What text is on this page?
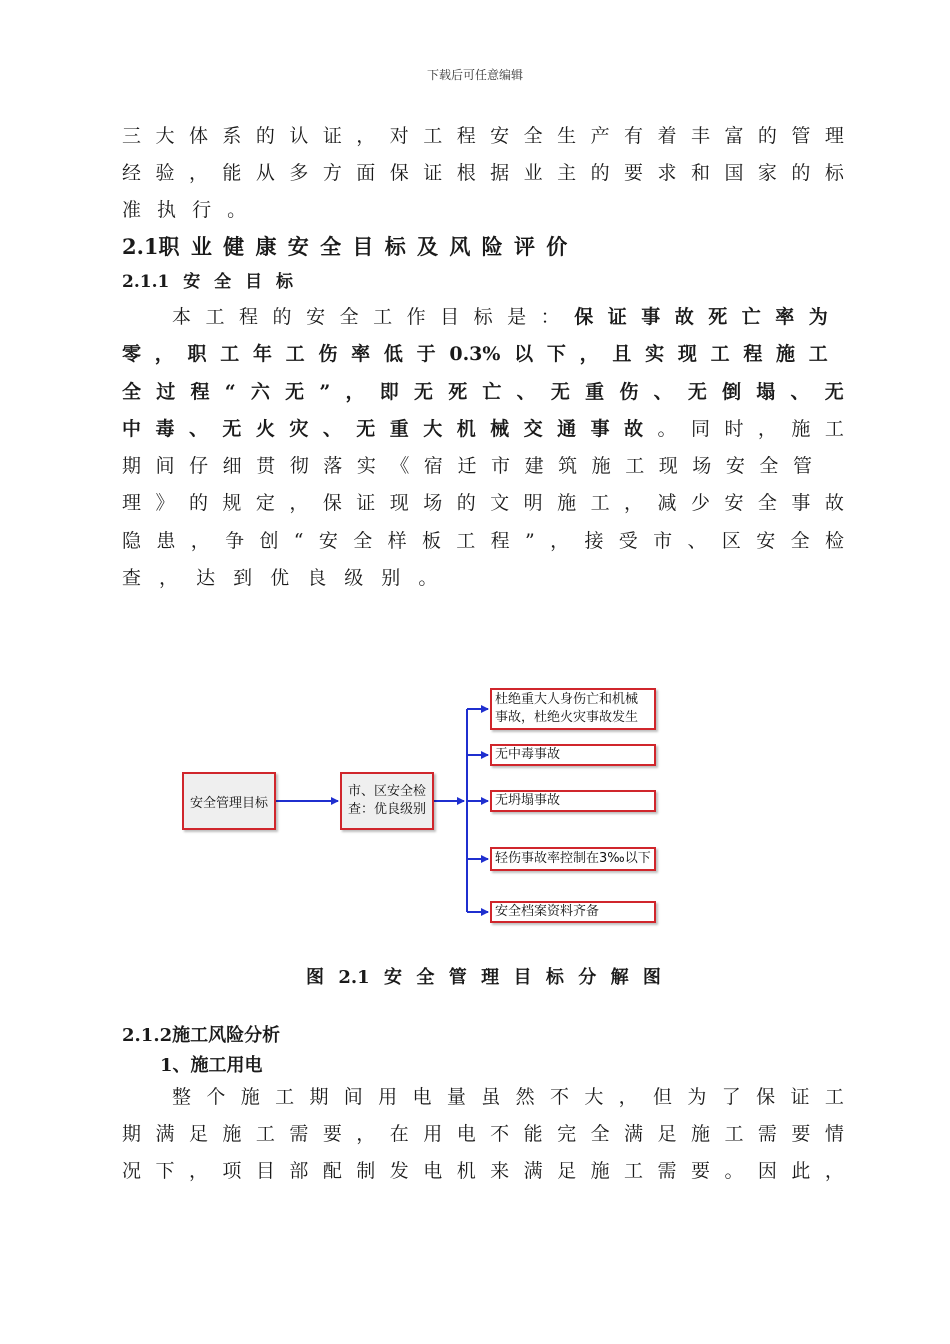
下载后可任意编辑
三 大 体 系 的 认 证 ， 对 工 程 安 全 生 产 有 着 丰 富 的 管 理
经 验 ， 能 从 多 方 面 保 证 根 据 业 主 的 要 求 和 国 家 的 标
准 执 行 。
2.1职 业 健 康 安 全 目 标 及 风 险 评 价
2.1.1 安 全 目 标
本 工 程 的 安 全 工 作 目 标 是 ： 保 证 事 故 死 亡 率 为
零 ， 职 工 年 工 伤 率 低 于 0.3% 以 下 ， 且 实 现 工 程 施 工
全 过 程 “ 六 无 ” ， 即 无 死 亡 、 无 重 伤 、 无 倒 塌 、 无
中 毒 、 无 火 灾 、 无 重 大 机 械 交 通 事 故 。 同 时 ， 施 工
期 间 仔 细 贯 彻 落 实 《 宿 迁 市 建 筑 施 工 现 场 安 全 管
理 》 的 规 定 ， 保 证 现 场 的 文 明 施 工 ， 减 少 安 全 事 故
隐 患 ， 争 创 “ 安 全 样 板 工 程 ” ， 接 受 市 、 区 安 全 检
查 ， 达 到 优 良 级 别 。
安全管理目标
市、区安全检
查：优良级别
杜绝重大人身伤亡和机械
事故，杜绝火灾事故发生
无中毒事故
无坍塌事故
轻伤事故率控制在3‰以下
安全档案资料齐备
图 2.1 安 全 管 理 目 标 分 解 图
2.1.2施工风险分析
1、施工用电
整 个 施 工 期 间 用 电 量 虽 然 不 大 ， 但 为 了 保 证 工
期 满 足 施 工 需 要 ， 在 用 电 不 能 完 全 满 足 施 工 需 要 情
况 下 ， 项 目 部 配 制 发 电 机 来 满 足 施 工 需 要 。 因 此 ，
